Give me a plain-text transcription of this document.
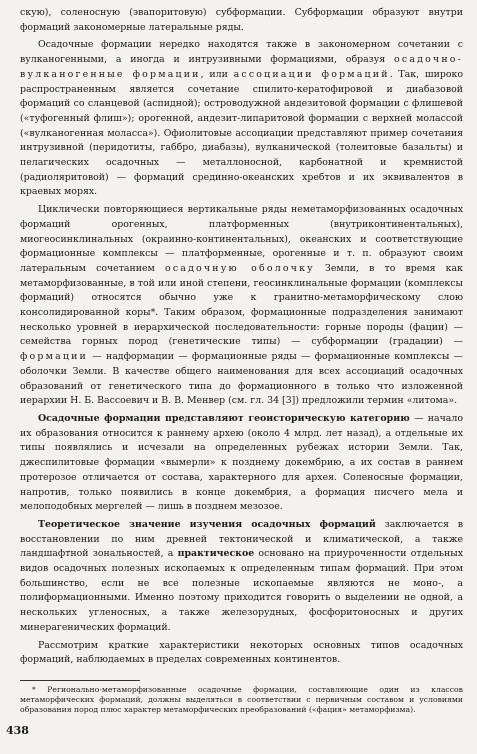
скую), соленосную (эвапоритовую) субформации. Субформации образуют внутри формаций закономерные латеральные ряды.

Осадочные формации нередко находятся также в закономерном сочетании с вулканогенными, а иногда и интрузивными формациями, образуя осадочно-вулканогенные формации, или ассоциации формаций. Так, широко распространенным является сочетание спилито-кератофировой и диабазовой формаций со сланцевой (аспидной); островодужной андезитовой формации с флишевой («туфогенный флиш»); орогенной, андезит-липаритовой формации с верхней молассой («вулканогенная моласса»). Офиолитовые ассоциации представляют пример сочетания интрузивной (перидотиты, габбро, диабазы), вулканической (толеитовые базальты) и пелагических осадочных — металлоносной, карбонатной и кремнистой (радиоляритовой) — формаций срединно-океанских хребтов и их эквивалентов в краевых морях.

Циклически повторяющиеся вертикальные ряды неметаморфизованных осадочных формаций орогенных, платформенных (внутриконтинентальных), миогеосинклинальных (окраинно-континентальных), океанских и соответствующие формационные комплексы — платформенные, орогенные и т. п. образуют своим латеральным сочетанием осадочную оболочку Земли, в то время как метаморфизованные, в той или иной степени, геосинклинальные формации (комплексы формаций) относятся обычно уже к гранитно-метаморфическому слою консолидированной коры*. Таким образом, формационные подразделения занимают несколько уровней в иерархической последовательности: горные породы (фации) — семейства горных пород (генетические типы) — субформации (градации) — формации — надформации — формационные ряды — формационные комплексы — оболочки Земли. В качестве общего наименования для всех ассоциаций осадочных образований от генетического типа до формационного в только что изложенной иерархии Н. Б. Вассоевич и В. В. Менвер (см. гл. 34 [3]) предложили термин «литома».

Осадочные формации представляют геоисторическую категорию — начало их образования относится к раннему архею (около 4 млрд. лет назад), а отдельные их типы появлялись и исчезали на определенных рубежах истории Земли. Так, джеспилитовые формации «вымерли» к позднему докембрию, а их состав в раннем протерозое отличается от состава, характерного для архея. Соленосные формации, напротив, только появились в конце докембрия, а формация писчего мела и мелоподобных мергелей — лишь в позднем мезозое.

Теоретическое значение изучения осадочных формаций заключается в восстановлении по ним древней тектонической и климатической, а также ландшафтной зональностей, а практическое основано на приуроченности отдельных видов осадочных полезных ископаемых к определенным типам формаций. При этом большинство, если не все полезные ископаемые являются не моно-, а полиформационными. Именно поэтому приходится говорить о выделении не одной, а нескольких угленосных, а также железорудных, фосфоритоносных и других минерагенических формаций.

Рассмотрим краткие характеристики некоторых основных типов осадочных формаций, наблюдаемых в пределах современных континентов.

* Регионально-метаморфизованные осадочные формации, составляющие один из классов метаморфических формаций, должны выделяться в соответствии с первичным составом и условиями образования пород плюс характер метаморфических преобразований («фация» метаморфизма).

438
